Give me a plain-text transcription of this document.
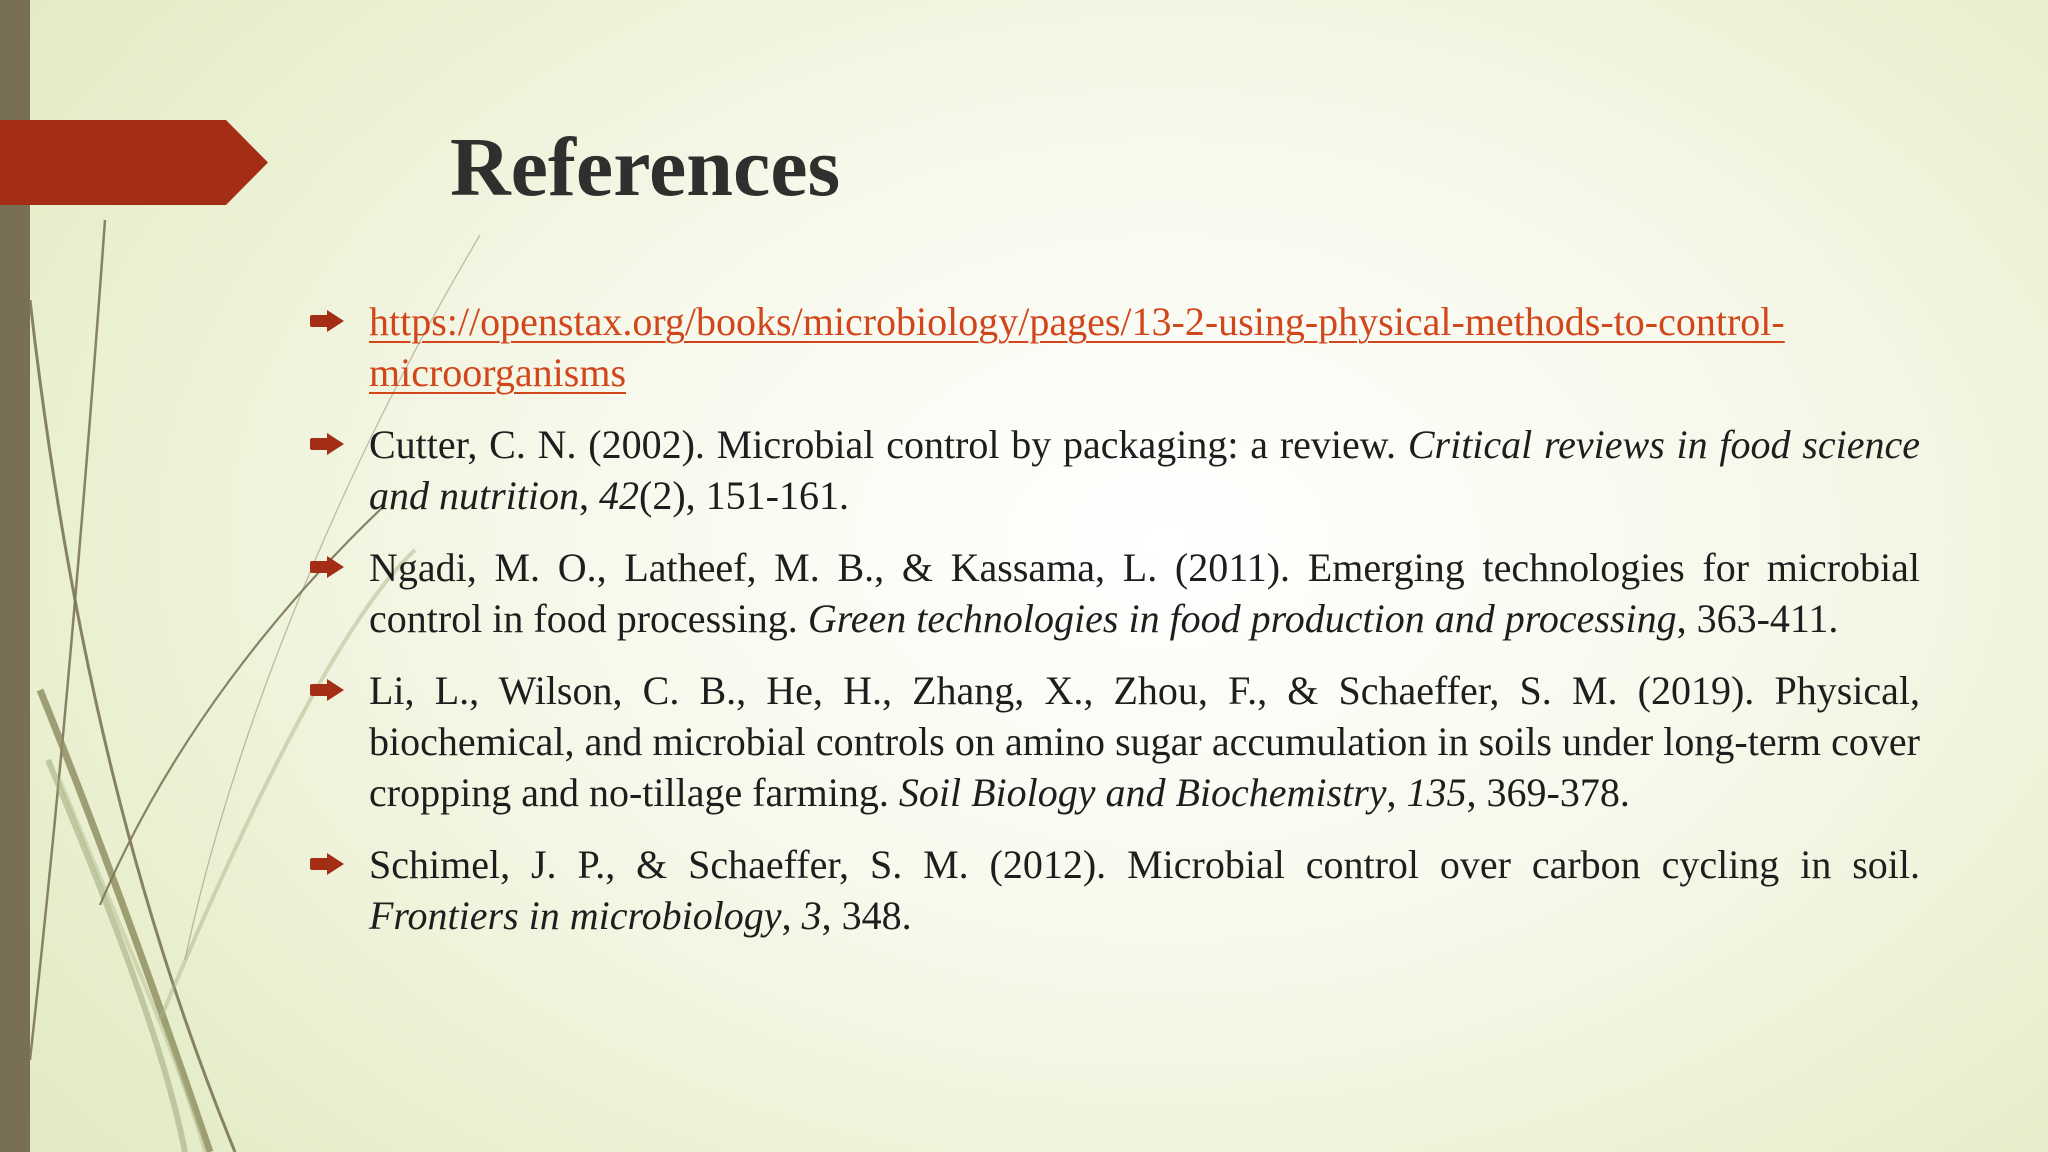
References
https://openstax.org/books/microbiology/pages/13-2-using-physical-methods-to-control-
microorganisms
Cutter, C. N. (2002). Microbial control by packaging: a review. Critical reviews in food science and nutrition, 42(2), 151-161.
Ngadi, M. O., Latheef, M. B., & Kassama, L. (2011). Emerging technologies for microbial control in food processing. Green technologies in food production and processing, 363-411.
Li, L., Wilson, C. B., He, H., Zhang, X., Zhou, F., & Schaeffer, S. M. (2019). Physical, biochemical, and microbial controls on amino sugar accumulation in soils under long-term cover cropping and no-tillage farming. Soil Biology and Biochemistry, 135, 369-378.
Schimel, J. P., & Schaeffer, S. M. (2012). Microbial control over carbon cycling in soil. Frontiers in microbiology, 3, 348.
